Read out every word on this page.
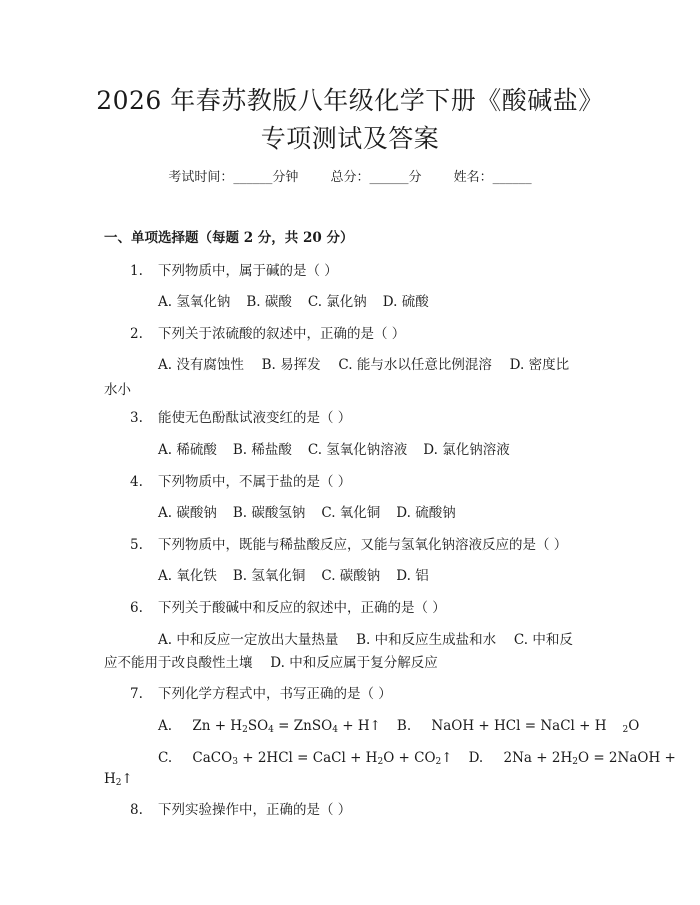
2026 年春苏教版八年级化学下册《酸碱盐》
专项测试及答案
考试时间：______分钟 总分：______分 姓名：______
一、单项选择题（每题 2 分，共 20 分）
1. 下列物质中，属于碱的是（ ）
A. 氢氧化钠 B. 碳酸 C. 氯化钠 D. 硫酸
2. 下列关于浓硫酸的叙述中，正确的是（ ）
A. 没有腐蚀性　 B. 易挥发　 C. 能与水以任意比例混溶　 D. 密度比
水小
3. 能使无色酚酞试液变红的是（ ）
A. 稀硫酸 B. 稀盐酸 C. 氢氧化钠溶液 D. 氯化钠溶液
4. 下列物质中，不属于盐的是（ ）
A. 碳酸钠 B. 碳酸氢钠 C. 氧化铜 D. 硫酸钠
5. 下列物质中，既能与稀盐酸反应，又能与氢氧化钠溶液反应的是（ ）
A. 氧化铁 B. 氢氧化铜 C. 碳酸钠 D. 铝
6. 下列关于酸碱中和反应的叙述中，正确的是（ ）
A. 中和反应一定放出大量热量　 B. 中和反应生成盐和水　 C. 中和反
应不能用于改良酸性土壤　 D. 中和反应属于复分解反应
7. 下列化学方程式中，书写正确的是（ ）
A. $Zn + H_2SO_4$ = ZnSO$_4$ + H↑ B. NaOH + HCl = NaCl + H $_2$O
C. CaCO$_3$ + 2HCl = CaCl + $H_2O$ + $CO_2↑$ D. $2Na + 2H_2O$ = 2NaOH +
$H_2↑$
8. 下列实验操作中，正确的是（ ）
